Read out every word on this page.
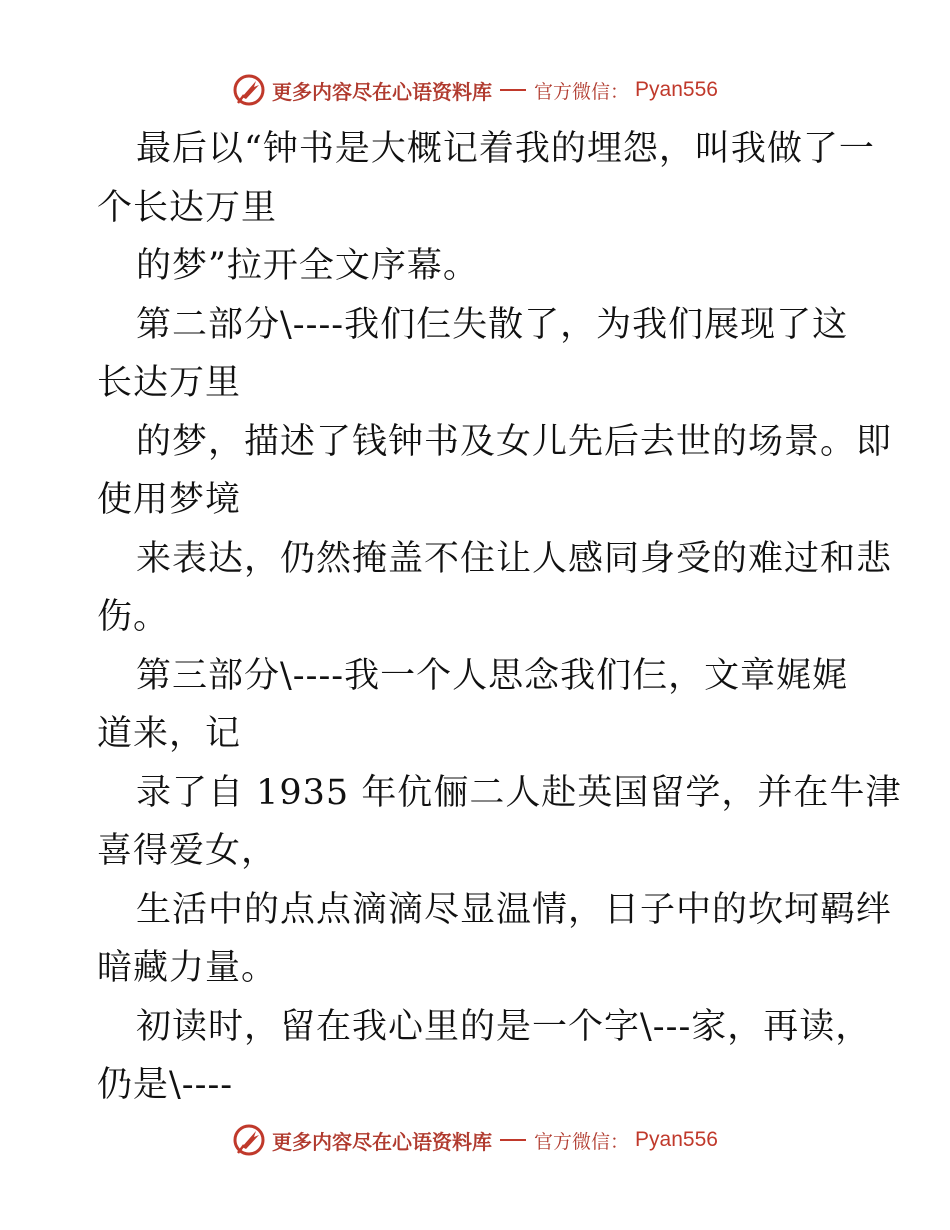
更多内容尽在心语资料库 官方微信： Pyan556
最后以“钟书是大概记着我的埋怨，叫我做了一
个长达万里
的梦”拉开全文序幕。
第二部分\----我们仨失散了，为我们展现了这
长达万里
的梦，描述了钱钟书及女儿先后去世的场景。即
使用梦境
来表达，仍然掩盖不住让人感同身受的难过和悲
伤。
第三部分\----我一个人思念我们仨，文章娓娓
道来，记
录了自 1935 年伉俪二人赴英国留学，并在牛津
喜得爱女，
生活中的点点滴滴尽显温情，日子中的坎坷羁绊
暗藏力量。
初读时，留在我心里的是一个字\---家，再读，
仍是\----
更多内容尽在心语资料库 官方微信： Pyan556
